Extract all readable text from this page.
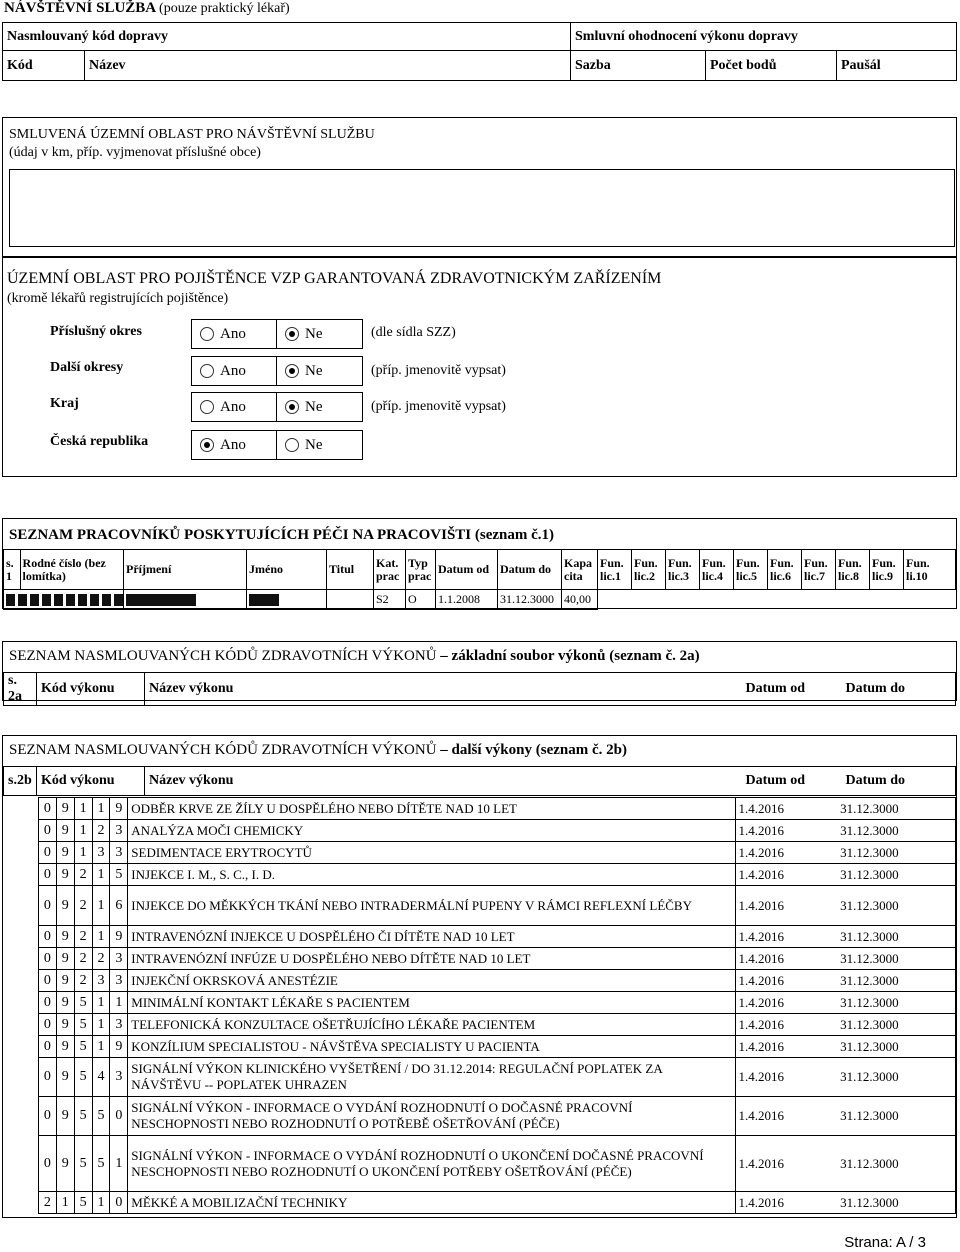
NÁVŠTĚVNÍ SLUŽBA (pouze praktický lékař)
Nasmlouvaný kód dopravy		Smluvní ohodnocení výkonu dopravy		
Kód	Název	Sazba	Počet bodů	Paušál
SMLUVENÁ ÚZEMNÍ OBLAST PRO NÁVŠTĚVNÍ SLUŽBU
(údaj v km, příp. vyjmenovat příslušné obce)
ÚZEMNÍ OBLAST PRO POJIŠTĚNCE VZP GARANTOVANÁ ZDRAVOTNICKÝM ZAŘÍZENÍM
(kromě lékařů registrujících pojištěnce)
Příslušný okres	Ano	Ne	(dle sídla SZZ)
Další okresy	Ano	Ne	(příp. jmenovitě vypsat)
Kraj	Ano	Ne	(příp. jmenovitě vypsat)
Česká republika	Ano	Ne
SEZNAM PRACOVNÍKŮ POSKYTUJÍCÍCH PÉČI NA PRACOVIŠTI (seznam č.1)
s. 1	Rodné číslo (bez lomítka)	Příjmení	Jméno	Titul	Kat. prac	Typ prac	Datum od	Datum do	Kapa cita	Fun. lic.1	Fun. lic.2	Fun. lic.3	Fun. lic.4	Fun. lic.5	Fun. lic.6	Fun. lic.7	Fun. lic.8	Fun. lic.9	Fun. li.10

					S2	O	1.1.2008	31.12.3000	40,00										
SEZNAM NASMLOUVANÝCH KÓDŮ ZDRAVOTNÍCH VÝKONŮ – základní soubor výkonů (seznam č. 2a)
s. 2a	Kód výkonu	Název výkonu	Datum od	Datum do
SEZNAM NASMLOUVANÝCH KÓDŮ ZDRAVOTNÍCH VÝKONŮ – další výkony (seznam č. 2b)
s.2b	Kód výkonu	Název výkonu	Datum od	Datum do
0	9	1	1	9	ODBĚR KRVE ZE ŽÍLY U DOSPĚLÉHO NEBO DÍTĚTE NAD 10 LET	1.4.2016	31.12.3000
0	9	1	2	3	ANALÝZA MOČI CHEMICKY	1.4.2016	31.12.3000
0	9	1	3	3	SEDIMENTACE ERYTROCYTŮ	1.4.2016	31.12.3000
0	9	2	1	5	INJEKCE I. M., S. C., I. D.	1.4.2016	31.12.3000
0	9	2	1	6	INJEKCE DO MĚKKÝCH TKÁNÍ NEBO INTRADERMÁLNÍ PUPENY V RÁMCI REFLEXNÍ LÉČBY	1.4.2016	31.12.3000
0	9	2	1	9	INTRAVENÓZNÍ INJEKCE U DOSPĚLÉHO ČI DÍTĚTE NAD 10 LET	1.4.2016	31.12.3000
0	9	2	2	3	INTRAVENÓZNÍ INFÚZE U DOSPĚLÉHO NEBO DÍTĚTE NAD 10 LET	1.4.2016	31.12.3000
0	9	2	3	3	INJEKČNÍ OKRSKOVÁ ANESTÉZIE	1.4.2016	31.12.3000
0	9	5	1	1	MINIMÁLNÍ KONTAKT LÉKAŘE S PACIENTEM	1.4.2016	31.12.3000
0	9	5	1	3	TELEFONICKÁ KONZULTACE OŠETŘUJÍCÍHO LÉKAŘE PACIENTEM	1.4.2016	31.12.3000
0	9	5	1	9	KONZÍLIUM SPECIALISTOU - NÁVŠTĚVA SPECIALISTY U PACIENTA	1.4.2016	31.12.3000
0	9	5	4	3	SIGNÁLNÍ VÝKON KLINICKÉHO VYŠETŘENÍ / DO 31.12.2014: REGULAČNÍ POPLATEK ZA NÁVŠTĚVU -- POPLATEK UHRAZEN	1.4.2016	31.12.3000
0	9	5	5	0	SIGNÁLNÍ VÝKON - INFORMACE O VYDÁNÍ ROZHODNUTÍ O DOČASNÉ PRACOVNÍ NESCHOPNOSTI NEBO ROZHODNUTÍ O POTŘEBĚ OŠETŘOVÁNÍ (PÉČE)	1.4.2016	31.12.3000
0	9	5	5	1	SIGNÁLNÍ VÝKON - INFORMACE O VYDÁNÍ ROZHODNUTÍ O UKONČENÍ DOČASNÉ PRACOVNÍ NESCHOPNOSTI NEBO ROZHODNUTÍ O UKONČENÍ POTŘEBY OŠETŘOVÁNÍ (PÉČE)	1.4.2016	31.12.3000
2	1	5	1	0	MĚKKÉ A MOBILIZAČNÍ TECHNIKY	1.4.2016	31.12.3000
Strana: A / 3
